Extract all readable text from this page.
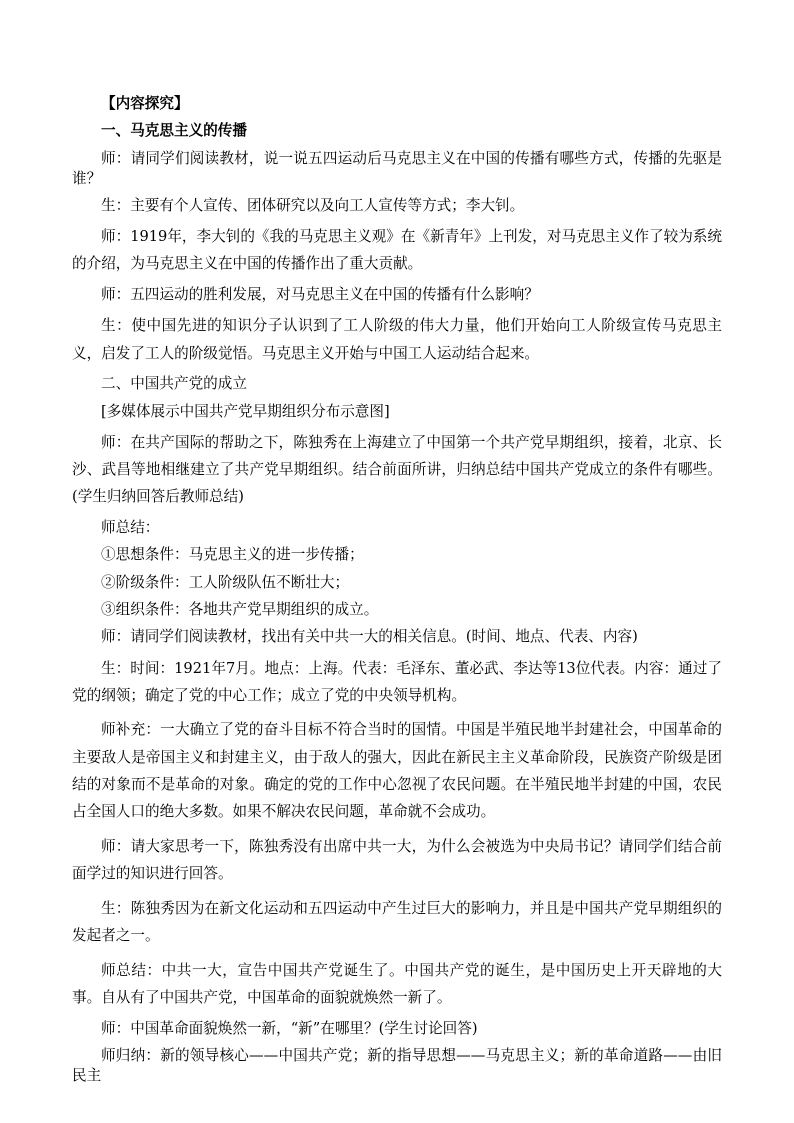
【内容探究】
一、马克思主义的传播
师：请同学们阅读教材，说一说五四运动后马克思主义在中国的传播有哪些方式，传播的先驱是谁？
生：主要有个人宣传、团体研究以及向工人宣传等方式；李大钊。
师：1919年，李大钊的《我的马克思主义观》在《新青年》上刊发，对马克思主义作了较为系统的介绍，为马克思主义在中国的传播作出了重大贡献。
师：五四运动的胜利发展，对马克思主义在中国的传播有什么影响？
生：使中国先进的知识分子认识到了工人阶级的伟大力量，他们开始向工人阶级宣传马克思主义，启发了工人的阶级觉悟。马克思主义开始与中国工人运动结合起来。
二、中国共产党的成立
[多媒体展示中国共产党早期组织分布示意图]
师：在共产国际的帮助之下，陈独秀在上海建立了中国第一个共产党早期组织，接着，北京、长沙、武昌等地相继建立了共产党早期组织。结合前面所讲，归纳总结中国共产党成立的条件有哪些。(学生归纳回答后教师总结)
师总结：
①思想条件：马克思主义的进一步传播；
②阶级条件：工人阶级队伍不断壮大；
③组织条件：各地共产党早期组织的成立。
师：请同学们阅读教材，找出有关中共一大的相关信息。(时间、地点、代表、内容)
生：时间：1921年7月。地点：上海。代表：毛泽东、董必武、李达等13位代表。内容：通过了党的纲领；确定了党的中心工作；成立了党的中央领导机构。
师补充：一大确立了党的奋斗目标不符合当时的国情。中国是半殖民地半封建社会，中国革命的主要敌人是帝国主义和封建主义，由于敌人的强大，因此在新民主主义革命阶段，民族资产阶级是团结的对象而不是革命的对象。确定的党的工作中心忽视了农民问题。在半殖民地半封建的中国，农民占全国人口的绝大多数。如果不解决农民问题，革命就不会成功。
师：请大家思考一下，陈独秀没有出席中共一大，为什么会被选为中央局书记？请同学们结合前面学过的知识进行回答。
生：陈独秀因为在新文化运动和五四运动中产生过巨大的影响力，并且是中国共产党早期组织的发起者之一。
师总结：中共一大，宣告中国共产党诞生了。中国共产党的诞生，是中国历史上开天辟地的大事。自从有了中国共产党，中国革命的面貌就焕然一新了。
师：中国革命面貌焕然一新，“新”在哪里？(学生讨论回答)
师归纳：新的领导核心——中国共产党；新的指导思想——马克思主义；新的革命道路——由旧民主
